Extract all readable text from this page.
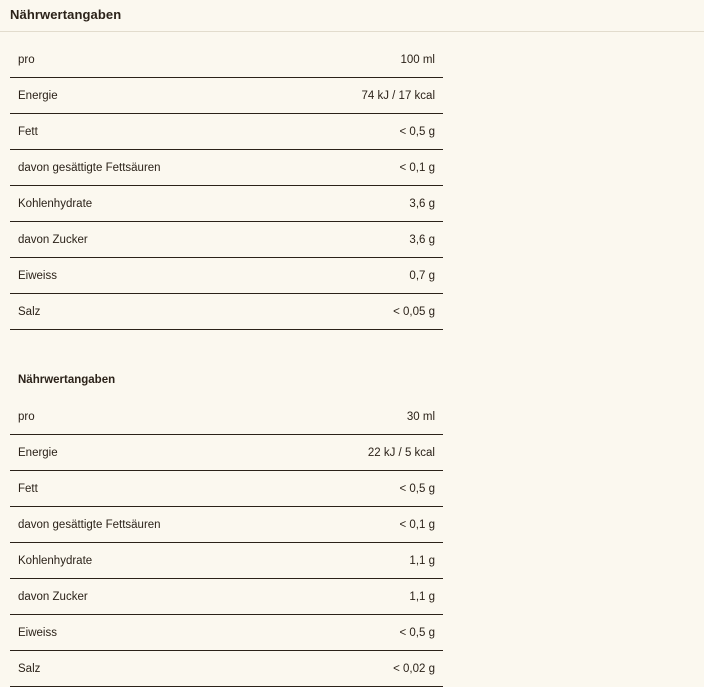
Nährwertangaben
pro	100 ml
Energie	74 kJ / 17 kcal
Fett	< 0,5 g
davon gesättigte Fettsäuren	< 0,1 g
Kohlenhydrate	3,6 g
davon Zucker	3,6 g
Eiweiss	0,7 g
Salz	< 0,05 g
Nährwertangaben
pro	30 ml
Energie	22 kJ / 5 kcal
Fett	< 0,5 g
davon gesättigte Fettsäuren	< 0,1 g
Kohlenhydrate	1,1 g
davon Zucker	1,1 g
Eiweiss	< 0,5 g
Salz	< 0,02 g
